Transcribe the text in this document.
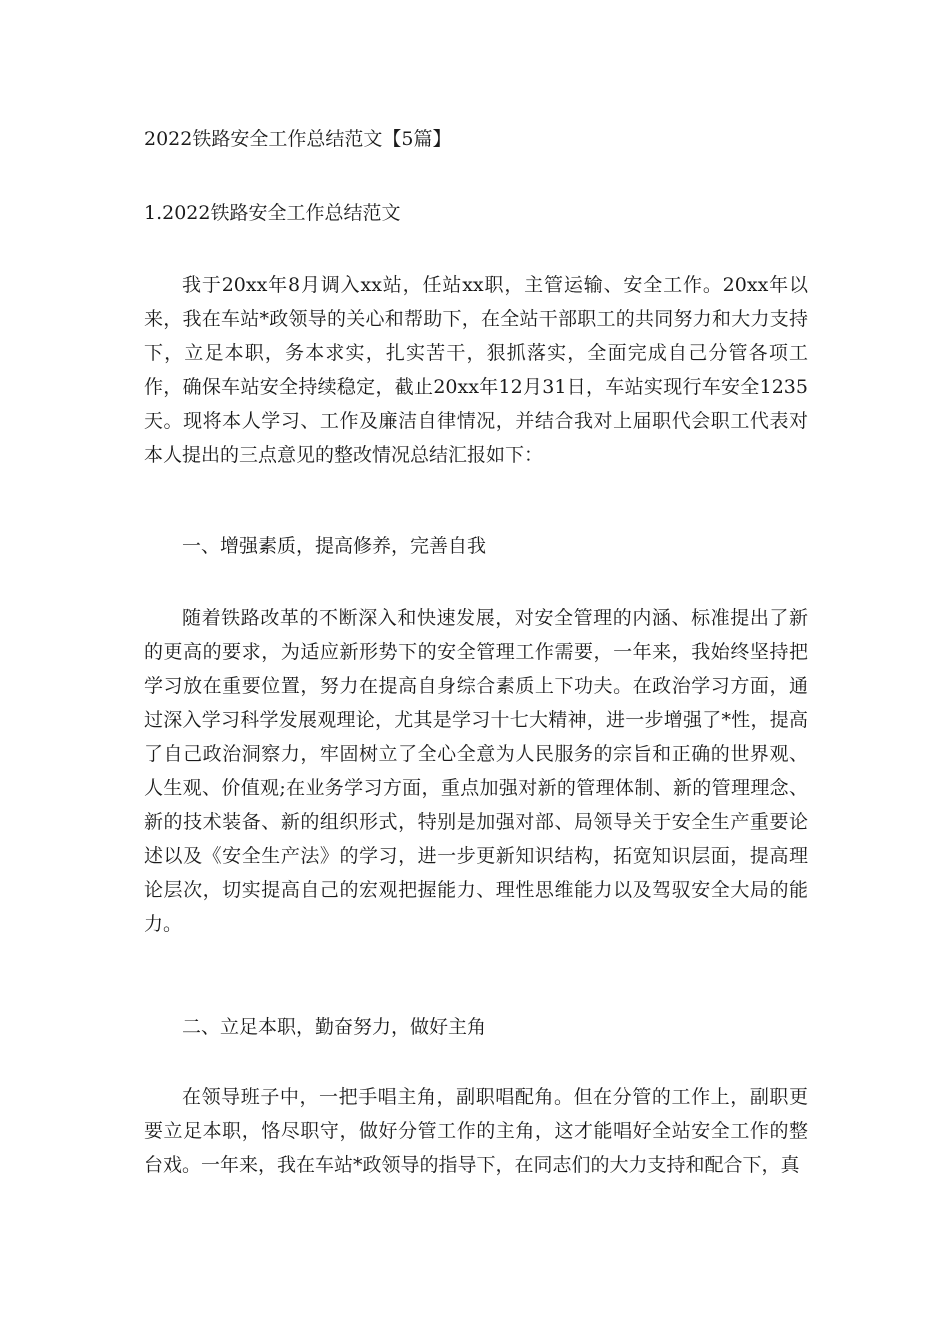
2022铁路安全工作总结范文【5篇】
1.2022铁路安全工作总结范文

我于20xx年8月调入xx站，任站xx职，主管运输、安全工作。20xx年以来，我在车站*政领导的关心和帮助下，在全站干部职工的共同努力和大力支持下，立足本职，务本求实，扎实苦干，狠抓落实，全面完成自己分管各项工作，确保车站安全持续稳定，截止20xx年12月31日，车站实现行车安全1235天。现将本人学习、工作及廉洁自律情况，并结合我对上届职代会职工代表对本人提出的三点意见的整改情况总结汇报如下：

一、增强素质，提高修养，完善自我

随着铁路改革的不断深入和快速发展，对安全管理的内涵、标准提出了新的更高的要求，为适应新形势下的安全管理工作需要，一年来，我始终坚持把学习放在重要位置，努力在提高自身综合素质上下功夫。在政治学习方面，通过深入学习科学发展观理论，尤其是学习十七大精神，进一步增强了*性，提高了自己政治洞察力，牢固树立了全心全意为人民服务的宗旨和正确的世界观、人生观、价值观;在业务学习方面，重点加强对新的管理体制、新的管理理念、新的技术装备、新的组织形式，特别是加强对部、局领导关于安全生产重要论述以及《安全生产法》的学习，进一步更新知识结构，拓宽知识层面，提高理论层次，切实提高自己的宏观把握能力、理性思维能力以及驾驭安全大局的能力。

二、立足本职，勤奋努力，做好主角

在领导班子中，一把手唱主角，副职唱配角。但在分管的工作上，副职更要立足本职，恪尽职守，做好分管工作的主角，这才能唱好全站安全工作的整台戏。一年来，我在车站*政领导的指导下，在同志们的大力支持和配合下，真
